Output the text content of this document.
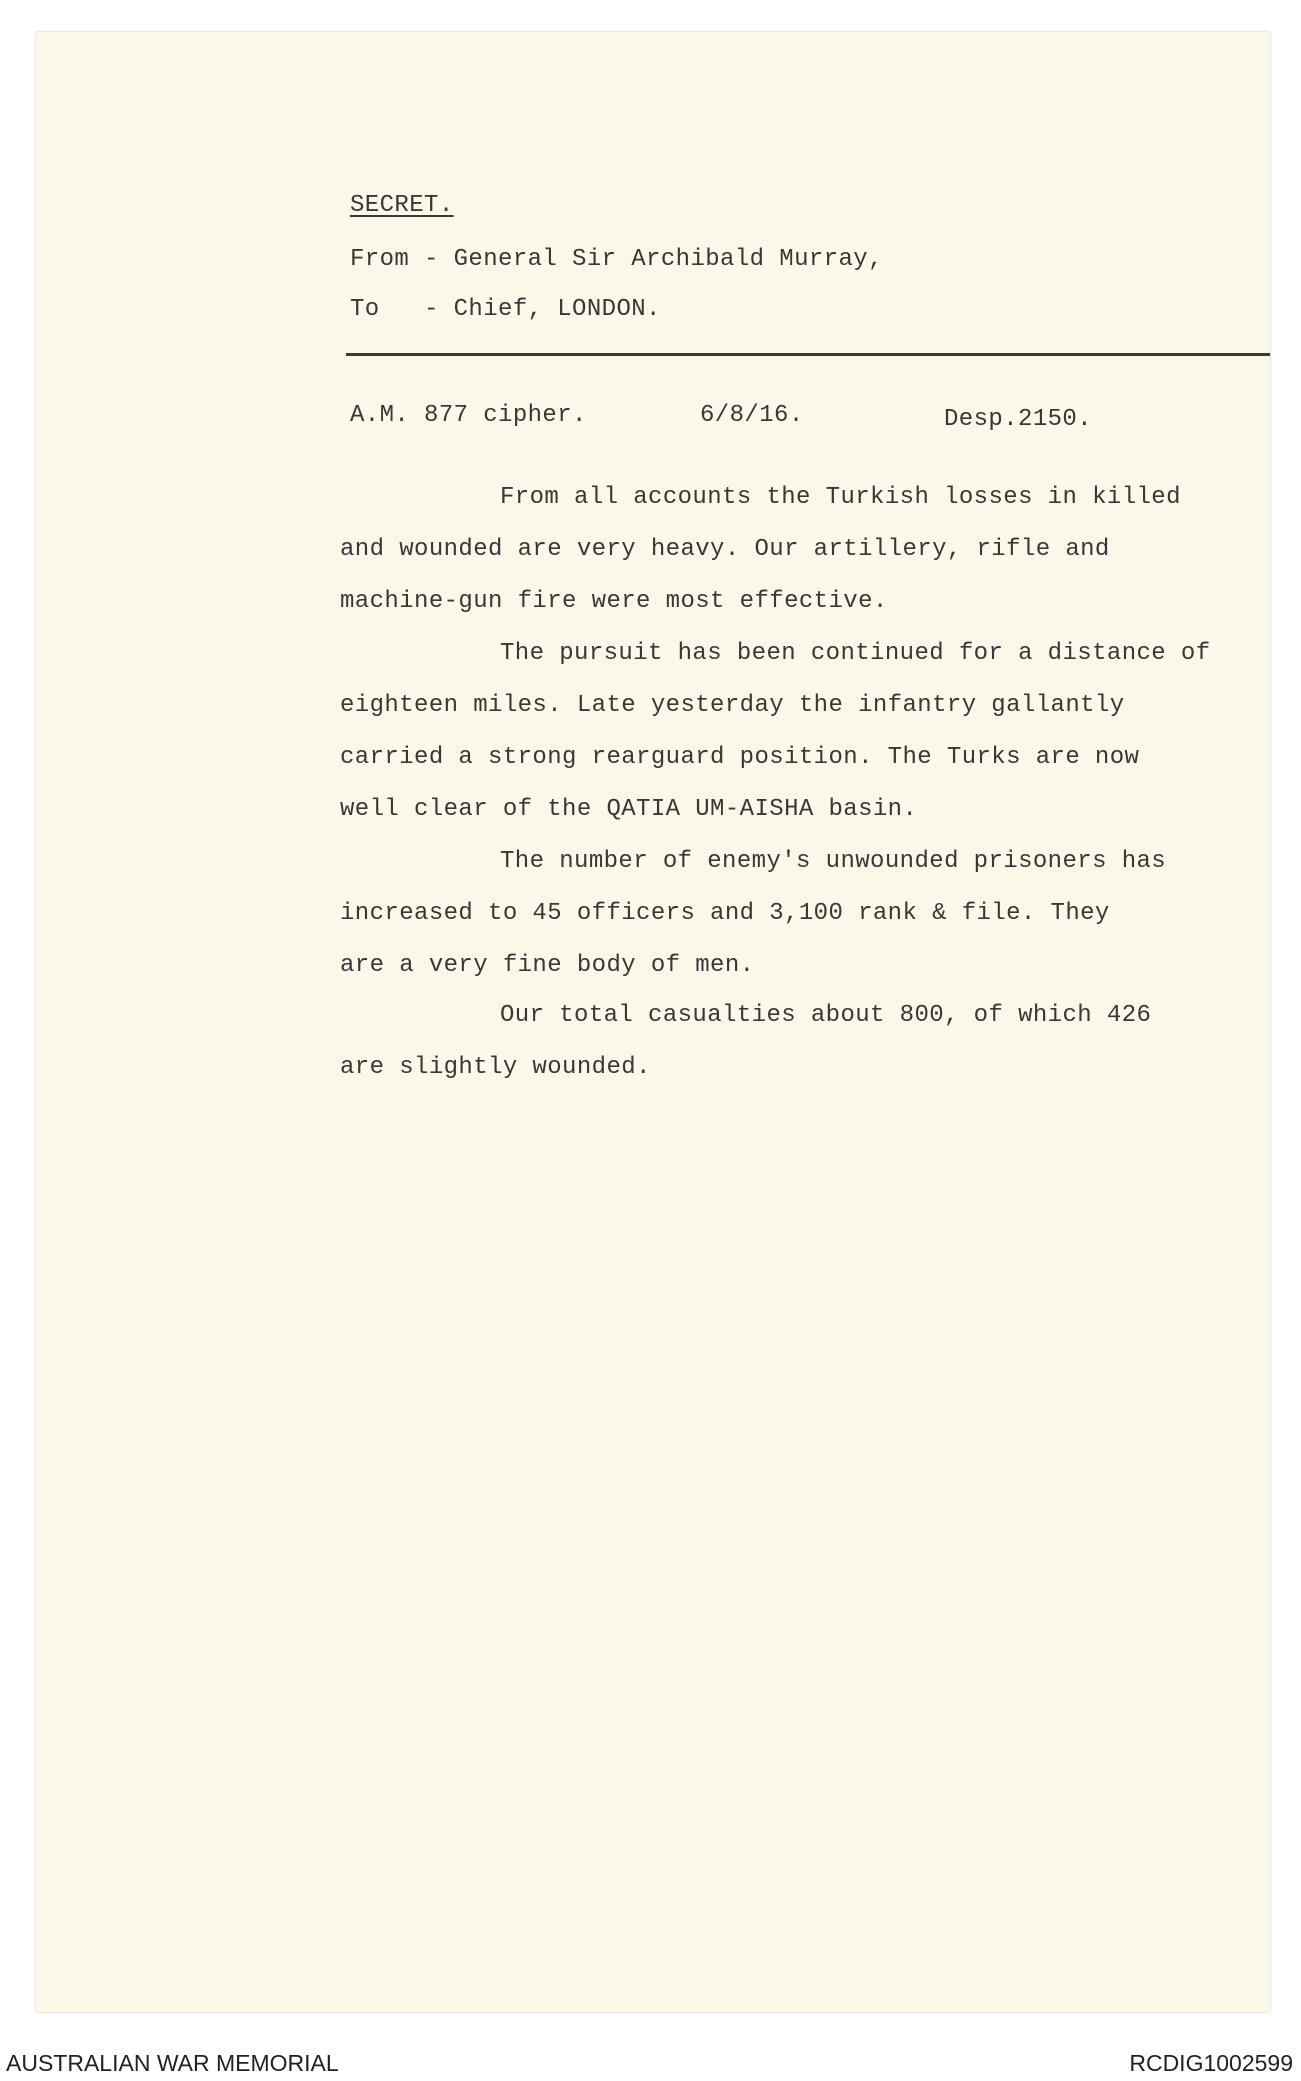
SECRET.
From - General Sir Archibald Murray,
To   - Chief, LONDON.
A.M. 877 cipher.	6/8/16.	Desp.2150.
From all accounts the Turkish losses in killed
and wounded are very heavy. Our artillery, rifle and
machine-gun fire were most effective.
The pursuit has been continued for a distance of
eighteen miles. Late yesterday the infantry gallantly
carried a strong rearguard position. The Turks are now
well clear of the QATIA UM-AISHA basin.
The number of enemy's unwounded prisoners has
increased to 45 officers and 3,100 rank & file. They
are a very fine body of men.
Our total casualties about 800, of which 426
are slightly wounded.
AUSTRALIAN WAR MEMORIAL	RCDIG1002599
